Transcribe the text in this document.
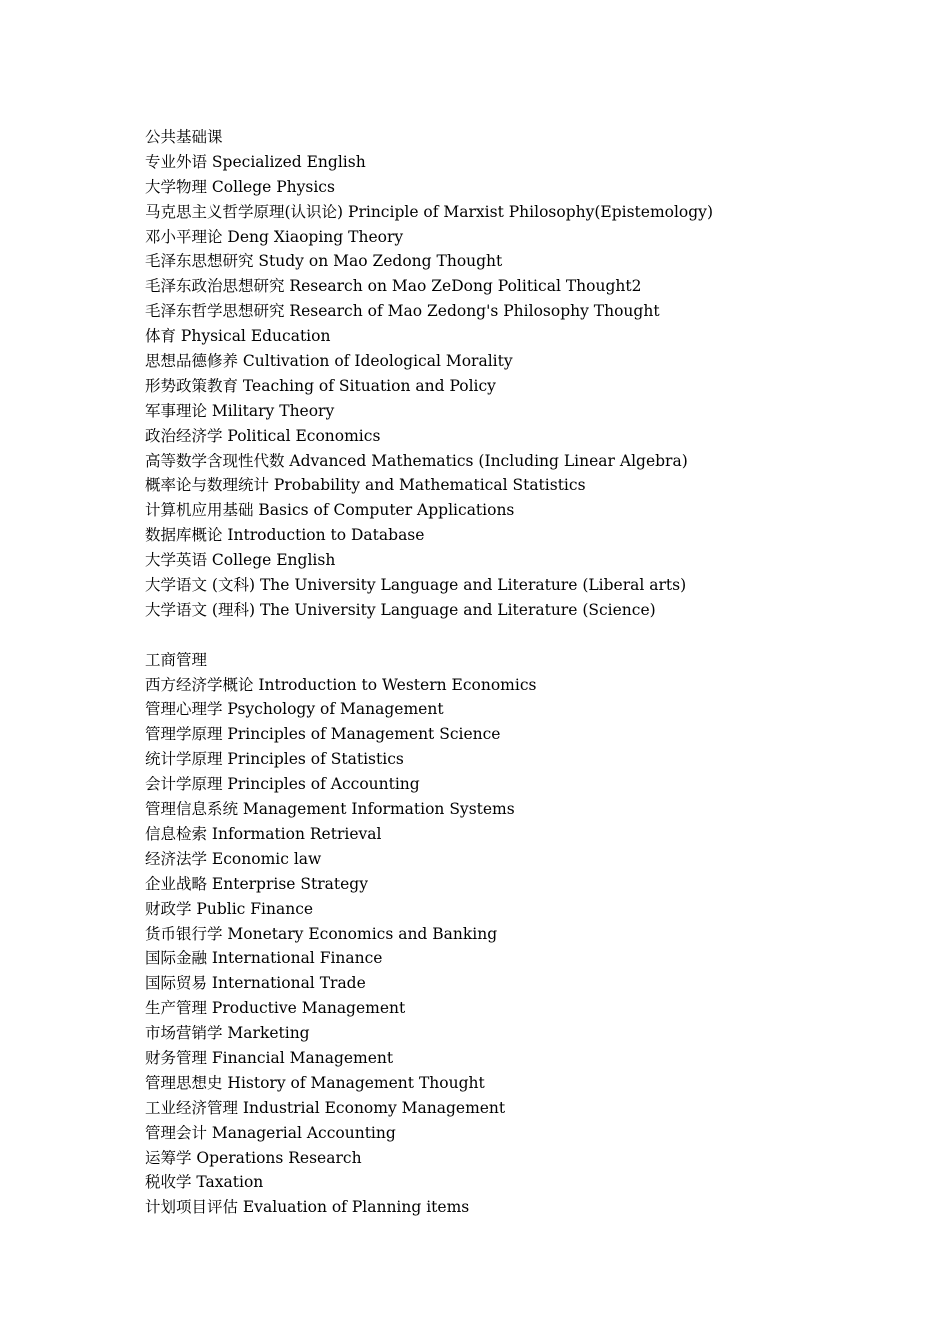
公共基础课
专业外语 Specialized English
大学物理 College Physics
马克思主义哲学原理(认识论) Principle of Marxist Philosophy(Epistemology)
邓小平理论 Deng Xiaoping Theory
毛泽东思想研究 Study on Mao Zedong Thought
毛泽东政治思想研究 Research on Mao ZeDong Political Thought2
毛泽东哲学思想研究 Research of Mao Zedong's Philosophy Thought
体育 Physical Education
思想品德修养 Cultivation of Ideological Morality
形势政策教育 Teaching of Situation and Policy
军事理论 Military Theory
政治经济学 Political Economics
高等数学含现性代数 Advanced Mathematics (Including Linear Algebra)
概率论与数理统计 Probability and Mathematical Statistics
计算机应用基础 Basics of Computer Applications
数据库概论 Introduction to Database
大学英语 College English
大学语文 (文科) The University Language and Literature (Liberal arts)
大学语文 (理科) The University Language and Literature (Science)
工商管理
西方经济学概论 Introduction to Western Economics
管理心理学 Psychology of Management
管理学原理 Principles of Management Science
统计学原理 Principles of Statistics
会计学原理 Principles of Accounting
管理信息系统 Management Information Systems
信息检索 Information Retrieval
经济法学 Economic law
企业战略 Enterprise Strategy
财政学 Public Finance
货币银行学 Monetary Economics and Banking
国际金融 International Finance
国际贸易 International Trade
生产管理 Productive Management
市场营销学 Marketing
财务管理 Financial Management
管理思想史 History of Management Thought
工业经济管理 Industrial Economy Management
管理会计 Managerial Accounting
运筹学 Operations Research
税收学 Taxation
计划项目评估 Evaluation of Planning items
